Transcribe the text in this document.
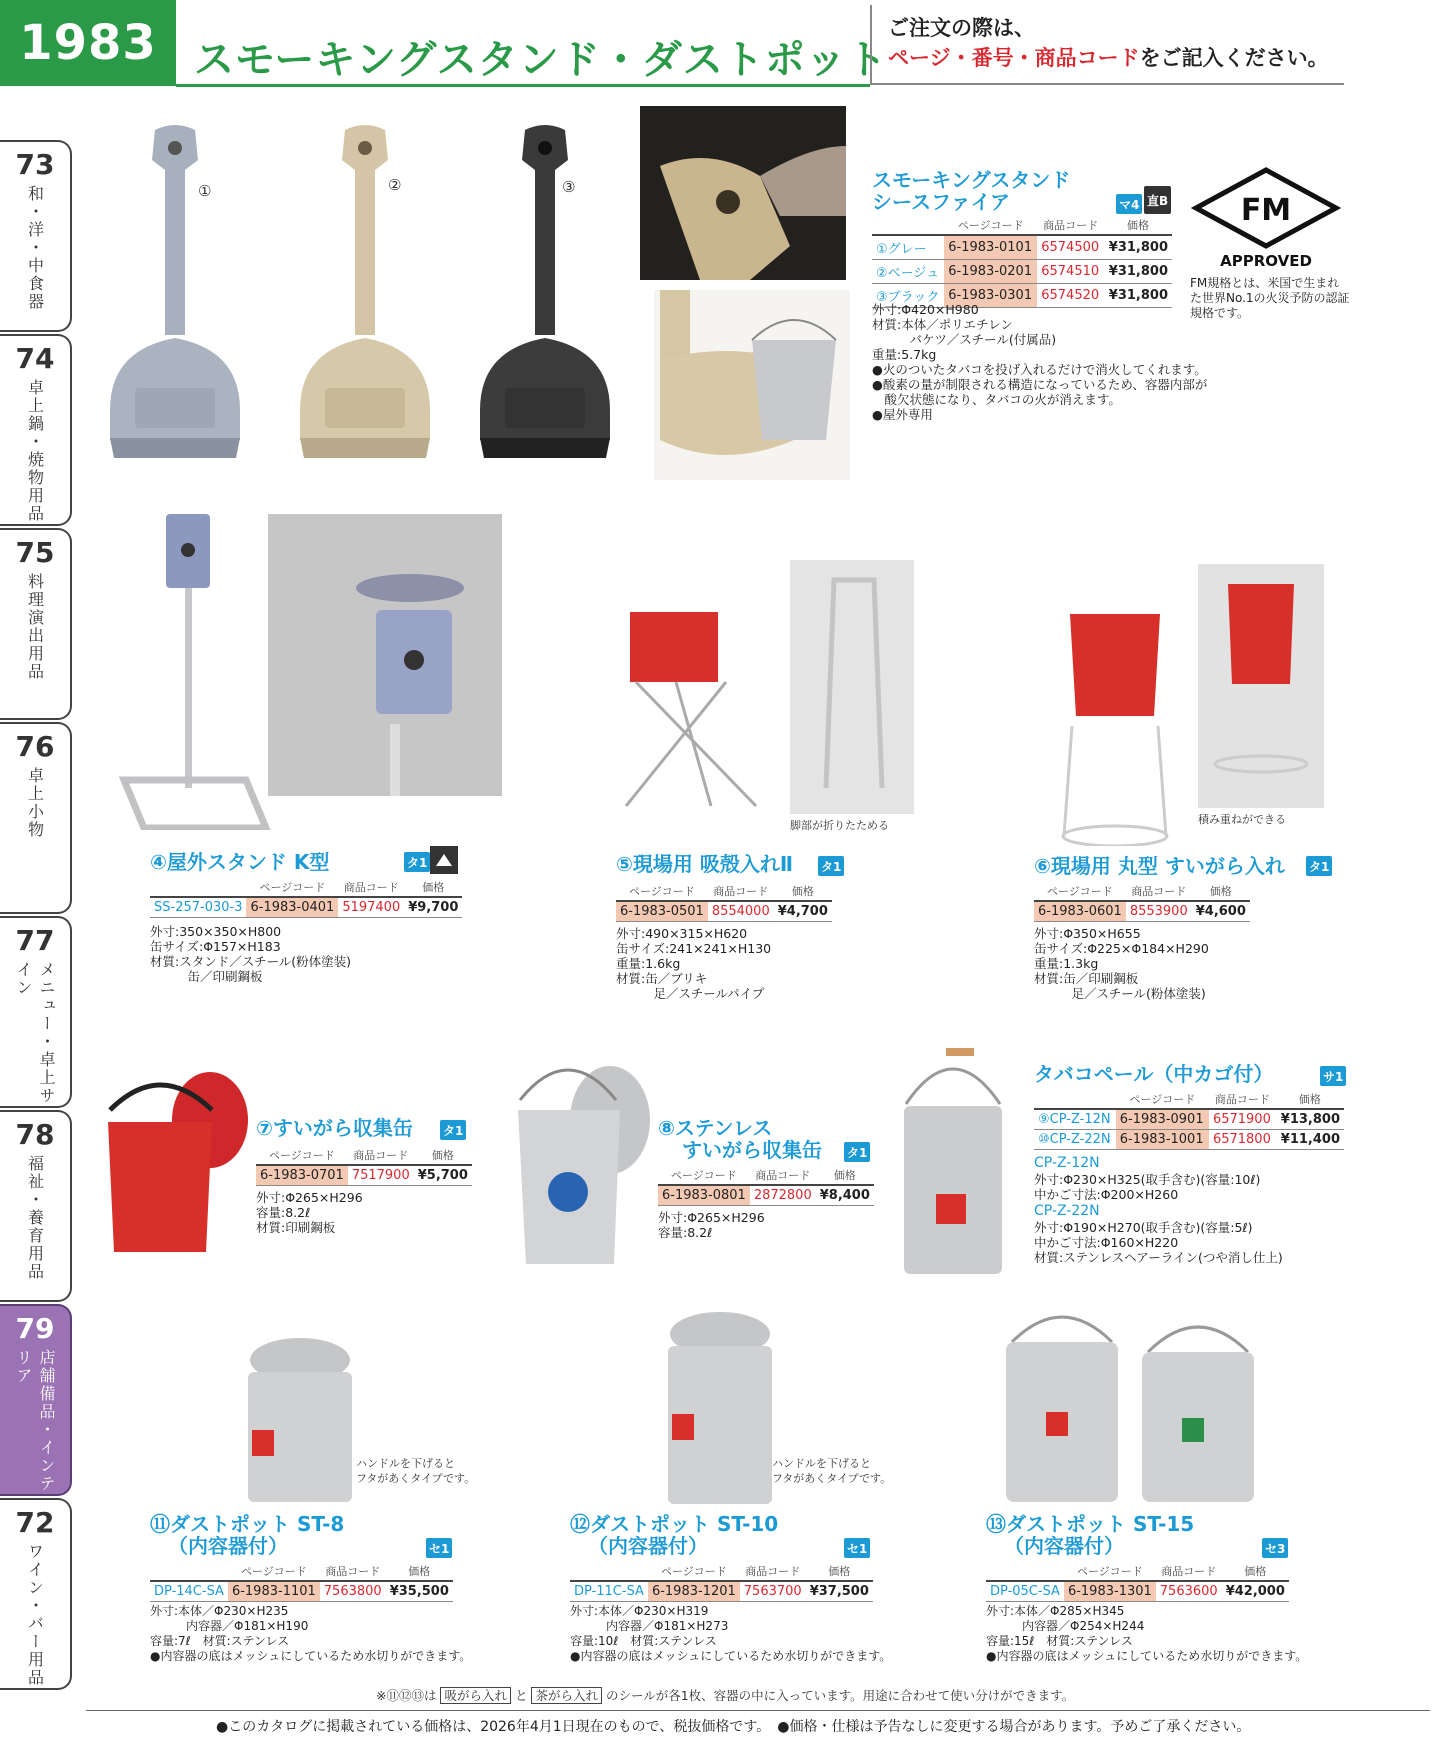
1983 スモーキングスタンド・ダストポット
ご注文の際は、
ページ・番号・商品コードをご記入ください。
73
和・洋・中食器
74
卓上鍋・焼物用品
75
料理演出用品
76
卓上小物
77
メニュー・卓上サイン
78
福祉・養育用品
79
店舗備品・インテリア
72
ワイン・バー用品
①	②	③	スモーキングスタンド
シースファイア	マ4 直B
	ページコード	商品コード	価格
①グレー	6-1983-0101	6574500	¥31,800
②ベージュ	6-1983-0201	6574510	¥31,800
③ブラック	6-1983-0301	6574520	¥31,800
外寸:Φ420×H980
材質:本体／ポリエチレン
　　　バケツ／スチール(付属品)
重量:5.7kg
●火のついたタバコを投げ入れるだけで消火してくれます。
●酸素の量が制限される構造になっているため、容器内部が
　酸欠状態になり、タバコの火が消えます。
●屋外専用
FM
APPROVED
FM規格とは、米国で生まれた世界No.1の火災予防の認証規格です。
④屋外スタンド K型	タ1
	ページコード	商品コード	価格
SS-257-030-3	6-1983-0401	5197400	¥9,700
外寸:350×350×H800
缶サイズ:Φ157×H183
材質:スタンド／スチール(粉体塗装)
　　　缶／印刷鋼板
脚部が折りたためる
⑤現場用 吸殻入れⅡ タ1
ページコード	商品コード	価格
6-1983-0501	8554000	¥4,700
外寸:490×315×H620
缶サイズ:241×241×H130
重量:1.6kg
材質:缶／ブリキ
　　　足／スチールパイプ
積み重ねができる
⑥現場用 丸型 すいがら入れ タ1
ページコード	商品コード	価格
6-1983-0601	8553900	¥4,600
外寸:Φ350×H655
缶サイズ:Φ225×Φ184×H290
重量:1.3kg
材質:缶／印刷鋼板
　　　足／スチール(粉体塗装)
⑦すいがら収集缶	タ1
ページコード	商品コード	価格
6-1983-0701	7517900	¥5,700
外寸:Φ265×H296
容量:8.2ℓ
材質:印刷鋼板
⑧ステンレス
すいがら収集缶 タ1
ページコード	商品コード	価格
6-1983-0801	2872800	¥8,400
外寸:Φ265×H296
容量:8.2ℓ
タバコペール（中カゴ付）	サ1
	ページコード	商品コード	価格
⑨CP-Z-12N	6-1983-0901	6571900	¥13,800
⑩CP-Z-22N	6-1983-1001	6571800	¥11,400
CP-Z-12N
外寸:Φ230×H325(取手含む)(容量:10ℓ)
中かご寸法:Φ200×H260
CP-Z-22N
外寸:Φ190×H270(取手含む)(容量:5ℓ)
中かご寸法:Φ160×H220
材質:ステンレスヘアーライン(つや消し仕上)
ハンドルを下げると
フタがあくタイプです。
⑪ダストポット ST-8
（内容器付）	セ1
	ページコード	商品コード	価格
DP-14C-SA	6-1983-1101	7563800	¥35,500
外寸:本体／Φ230×H235
　　　内容器／Φ181×H190
容量:7ℓ　材質:ステンレス
●内容器の底はメッシュにしているため水切りができます。
ハンドルを下げると
フタがあくタイプです。
⑫ダストポット ST-10
（内容器付）	セ1
	ページコード	商品コード	価格
DP-11C-SA	6-1983-1201	7563700	¥37,500
外寸:本体／Φ230×H319
　　　内容器／Φ181×H273
容量:10ℓ　材質:ステンレス
●内容器の底はメッシュにしているため水切りができます。
⑬ダストポット ST-15
（内容器付）	セ3
	ページコード	商品コード	価格
DP-05C-SA	6-1983-1301	7563600	¥42,000
外寸:本体／Φ285×H345
　　　内容器／Φ254×H244
容量:15ℓ　材質:ステンレス
●内容器の底はメッシュにしているため水切りができます。
※⑪⑫⑬は 吸がら入れ と 茶がら入れ のシールが各1枚、容器の中に入っています。用途に合わせて使い分けができます。
●このカタログに掲載されている価格は、2026年4月1日現在のもので、税抜価格です。　●価格・仕様は予告なしに変更する場合があります。予めご了承ください。
